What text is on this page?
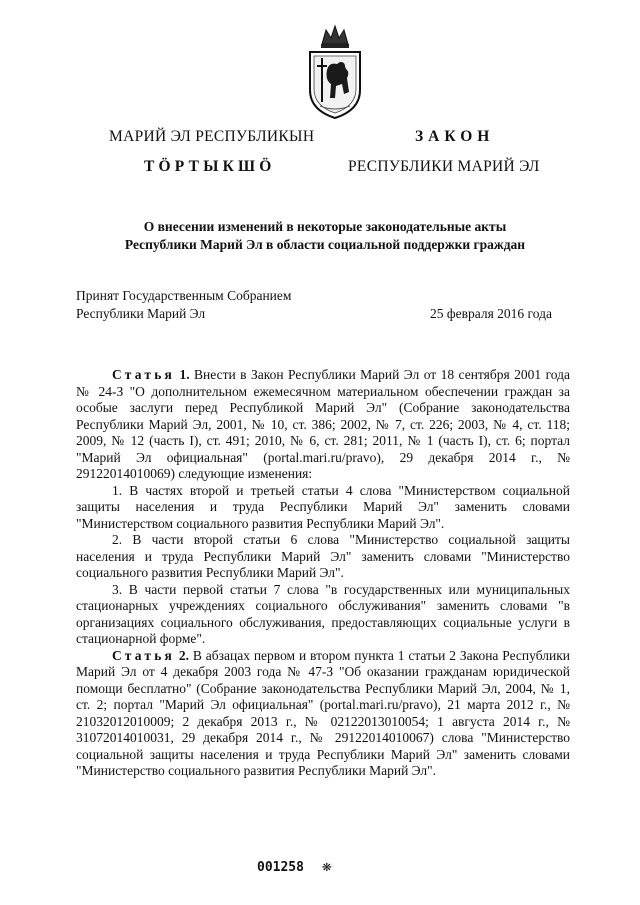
МАРИЙ ЭЛ РЕСПУБЛИКЫН
ТӦРТЫКШӦ
ЗАКОН
РЕСПУБЛИКИ МАРИЙ ЭЛ
О внесении изменений в некоторые законодательные акты
Республики Марий Эл в области социальной поддержки граждан
Принят Государственным Собранием
Республики Марий Эл	25 февраля 2016 года

Статья 1. Внести в Закон Республики Марий Эл от 18 сентября 2001 года № 24-З "О дополнительном ежемесячном материальном обеспечении граждан за особые заслуги перед Республикой Марий Эл" (Собрание законодательства Республики Марий Эл, 2001, № 10, ст. 386; 2002, № 7, ст. 226; 2003, № 4, ст. 118; 2009, № 12 (часть I), ст. 491; 2010, № 6, ст. 281; 2011, № 1 (часть I), ст. 6; портал "Марий Эл официальная" (portal.mari.ru/pravo), 29 декабря 2014 г., № 29122014010069) следующие изменения:

1. В частях второй и третьей статьи 4 слова "Министерством социальной защиты населения и труда Республики Марий Эл" заменить словами "Министерством социального развития Республики Марий Эл".

2. В части второй статьи 6 слова "Министерство социальной защиты населения и труда Республики Марий Эл" заменить словами "Министерство социального развития Республики Марий Эл".

3. В части первой статьи 7 слова "в государственных или муниципальных стационарных учреждениях социального обслуживания" заменить словами "в организациях социального обслуживания, предоставляющих социальные услуги в стационарной форме".

Статья 2. В абзацах первом и втором пункта 1 статьи 2 Закона Республики Марий Эл от 4 декабря 2003 года № 47-З "Об оказании гражданам юридической помощи бесплатно" (Собрание законодательства Республики Марий Эл, 2004, № 1, ст. 2; портал "Марий Эл официальная" (portal.mari.ru/pravo), 21 марта 2012 г., № 21032012010009; 2 декабря 2013 г., № 02122013010054; 1 августа 2014 г., № 31072014010031, 29 декабря 2014 г., № 29122014010067) слова "Министерство социальной защиты населения и труда Республики Марий Эл" заменить словами "Министерство социального развития Республики Марий Эл".

001258 ❋
